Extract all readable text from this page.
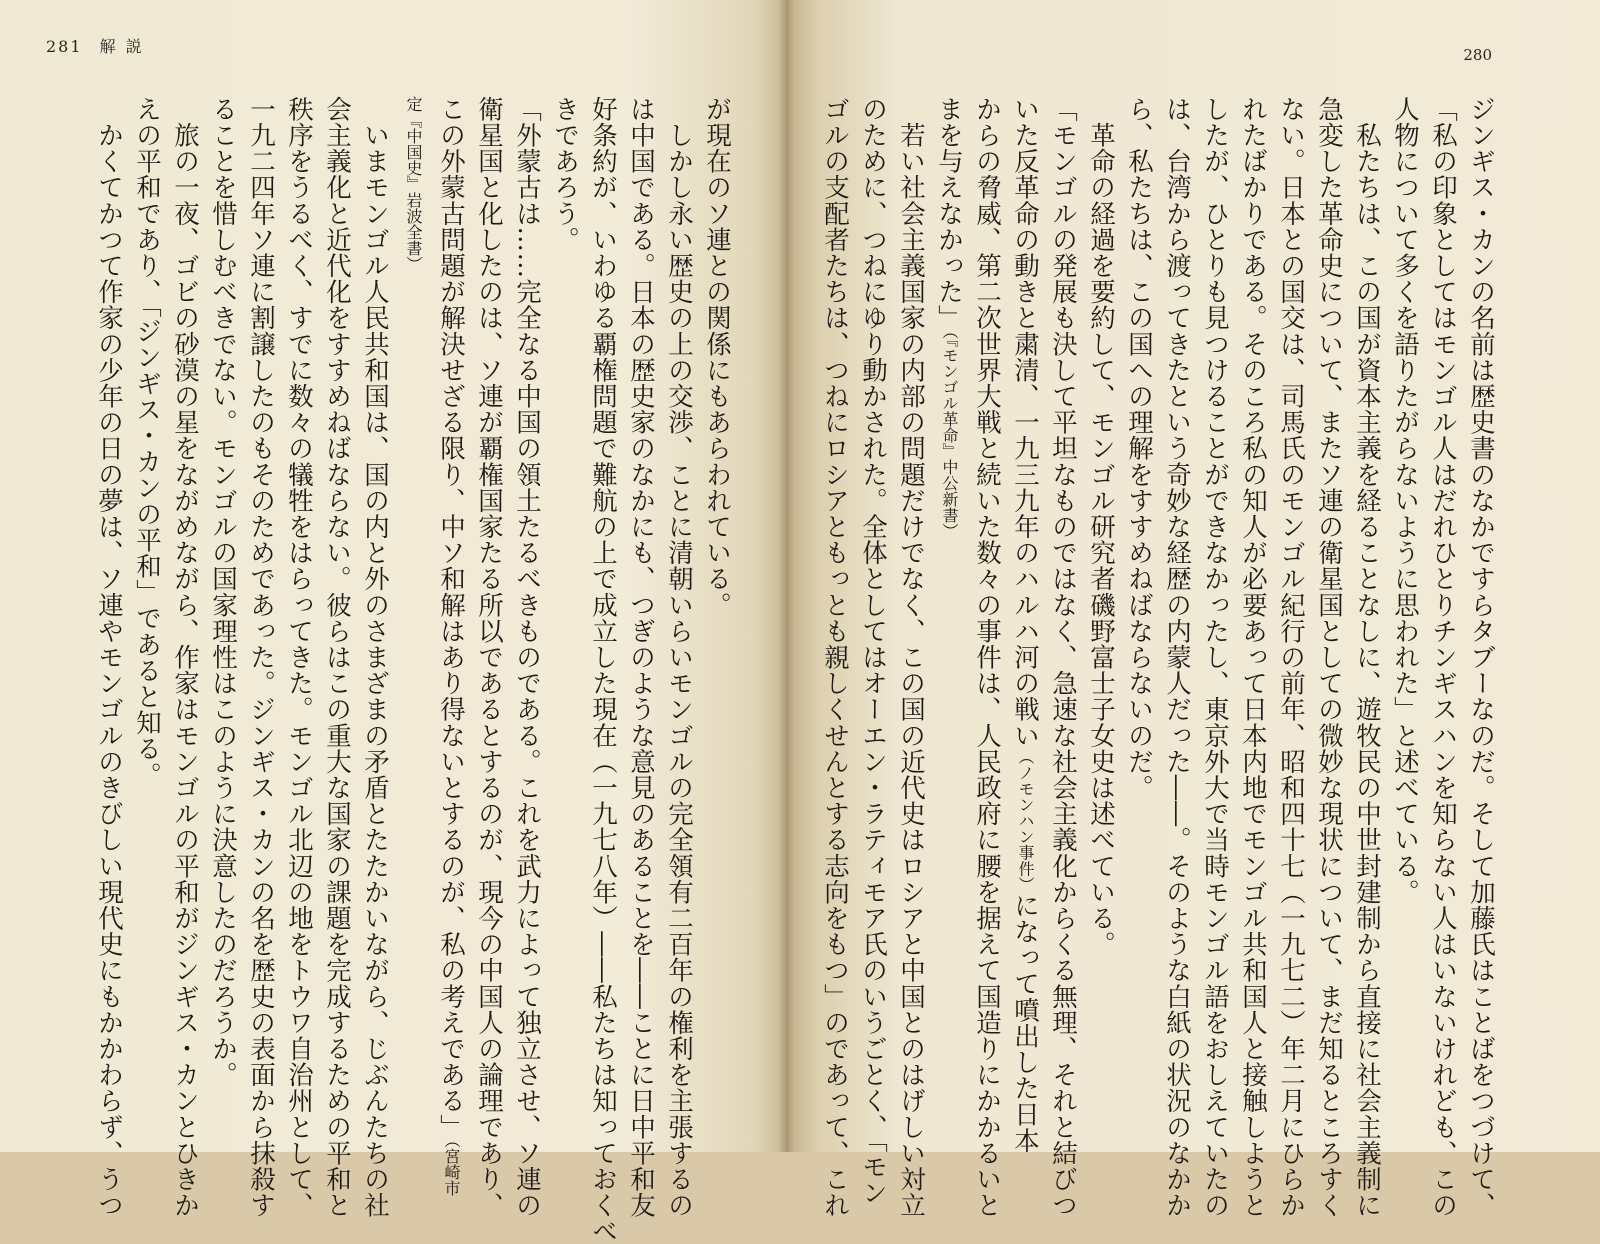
281 解説

が現在のソ連との関係にもあらわれている。

　しかし永い歴史の上の交渉、ことに清朝いらいモンゴルの完全領有二百年の権利を主張するの

は中国である。日本の歴史家のなかにも、つぎのような意見のあることを――ことに日中平和友

好条約が、いわゆる覇権問題で難航の上で成立した現在（一九七八年）――私たちは知っておくべ

きであろう。

「外蒙古は……完全なる中国の領土たるべきものである。これを武力によって独立させ、ソ連の

衛星国と化したのは、ソ連が覇権国家たる所以であるとするのが、現今の中国人の論理であり、

この外蒙古問題が解決せざる限り、中ソ和解はあり得ないとするのが、私の考えである」（宮崎市

定『中国史』岩波全書）

　いまモンゴル人民共和国は、国の内と外のさまざまの矛盾とたたかいながら、じぶんたちの社

会主義化と近代化をすすめねばならない。彼らはこの重大な国家の課題を完成するための平和と

秩序をうるべく、すでに数々の犠牲をはらってきた。モンゴル北辺の地をトウワ自治州として、

一九二四年ソ連に割譲したのもそのためであった。ジンギス・カンの名を歴史の表面から抹殺す

ることを惜しむべきでない。モンゴルの国家理性はこのように決意したのだろうか。

　旅の一夜、ゴビの砂漠の星をながめながら、作家はモンゴルの平和がジンギス・カンとひきか

えの平和であり、「ジンギス・カンの平和」であると知る。

　かくてかつて作家の少年の日の夢は、ソ連やモンゴルのきびしい現代史にもかかわらず、うつ

280

ジンギス・カンの名前は歴史書のなかですらタブーなのだ。そして加藤氏はことばをつづけて、

「私の印象としてはモンゴル人はだれひとりチンギスハンを知らない人はいないけれども、この

人物について多くを語りたがらないように思われた」と述べている。

　私たちは、この国が資本主義を経ることなしに、遊牧民の中世封建制から直接に社会主義制に

急変した革命史について、またソ連の衛星国としての微妙な現状について、まだ知るところすく

ない。日本との国交は、司馬氏のモンゴル紀行の前年、昭和四十七（一九七二）年二月にひらか

れたばかりである。そのころ私の知人が必要あって日本内地でモンゴル共和国人と接触しようと

したが、ひとりも見つけることができなかったし、東京外大で当時モンゴル語をおしえていたの

は、台湾から渡ってきたという奇妙な経歴の内蒙人だった――。そのような白紙の状況のなかか

ら、私たちは、この国への理解をすすめねばならないのだ。

　革命の経過を要約して、モンゴル研究者磯野富士子女史は述べている。

「モンゴルの発展も決して平坦なものではなく、急速な社会主義化からくる無理、それと結びつ

いた反革命の動きと粛清、一九三九年のハルハ河の戦い（ノモンハン事件）になって噴出した日本

からの脅威、第二次世界大戦と続いた数々の事件は、人民政府に腰を据えて国造りにかかるいと

まを与えなかった」（『モンゴル革命』中公新書）

　若い社会主義国家の内部の問題だけでなく、この国の近代史はロシアと中国とのはげしい対立

のために、つねにゆり動かされた。全体としてはオーエン・ラティモア氏のいうごとく、「モン

ゴルの支配者たちは、つねにロシアともっとも親しくせんとする志向をもつ」のであって、これ
